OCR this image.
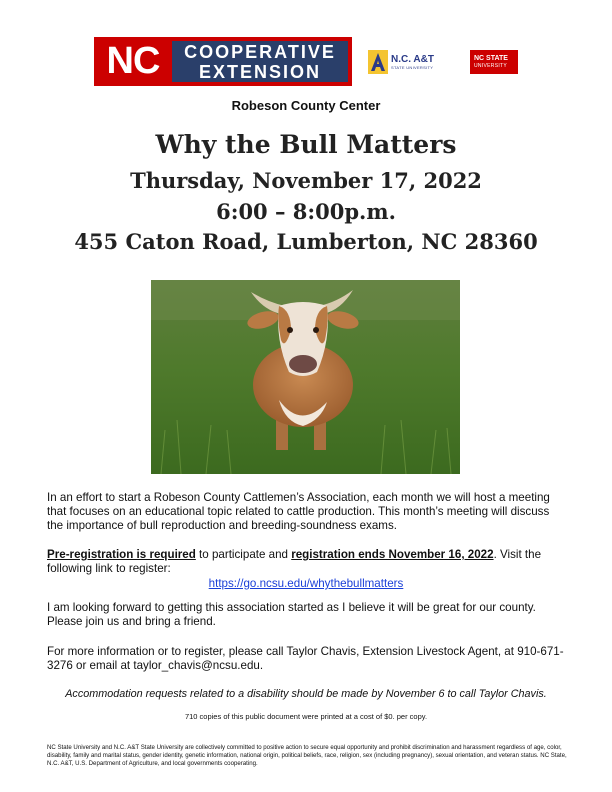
NC	COOPERATIVE
EXTENSION
N.C. A&T
STATE UNIVERSITY
NC STATE
UNIVERSITY
Robeson County Center
Why the Bull Matters
Thursday, November 17, 2022
6:00 – 8:00p.m.
455 Caton Road, Lumberton, NC 28360
In an effort to start a Robeson County Cattlemen’s Association, each month we will host a meeting that focuses on an educational topic related to cattle production. This month’s meeting will discuss the importance of bull reproduction and breeding-soundness exams.
Pre-registration is required to participate and registration ends November 16, 2022. Visit the following link to register:
https://go.ncsu.edu/whythebullmatters
I am looking forward to getting this association started as I believe it will be great for our county. Please join us and bring a friend.
For more information or to register, please call Taylor Chavis, Extension Livestock Agent, at 910-671-3276 or email at taylor_chavis@ncsu.edu.
Accommodation requests related to a disability should be made by November 6 to call Taylor Chavis.
710 copies of this public document were printed at a cost of $0. per copy.
NC State University and N.C. A&T State University are collectively committed to positive action to secure equal opportunity and prohibit discrimination and harassment regardless of age, color, disability, family and marital status, gender identity, genetic information, national origin, political beliefs, race, religion, sex (including pregnancy), sexual orientation, and veteran status. NC State, N.C. A&T, U.S. Department of Agriculture, and local governments cooperating.
